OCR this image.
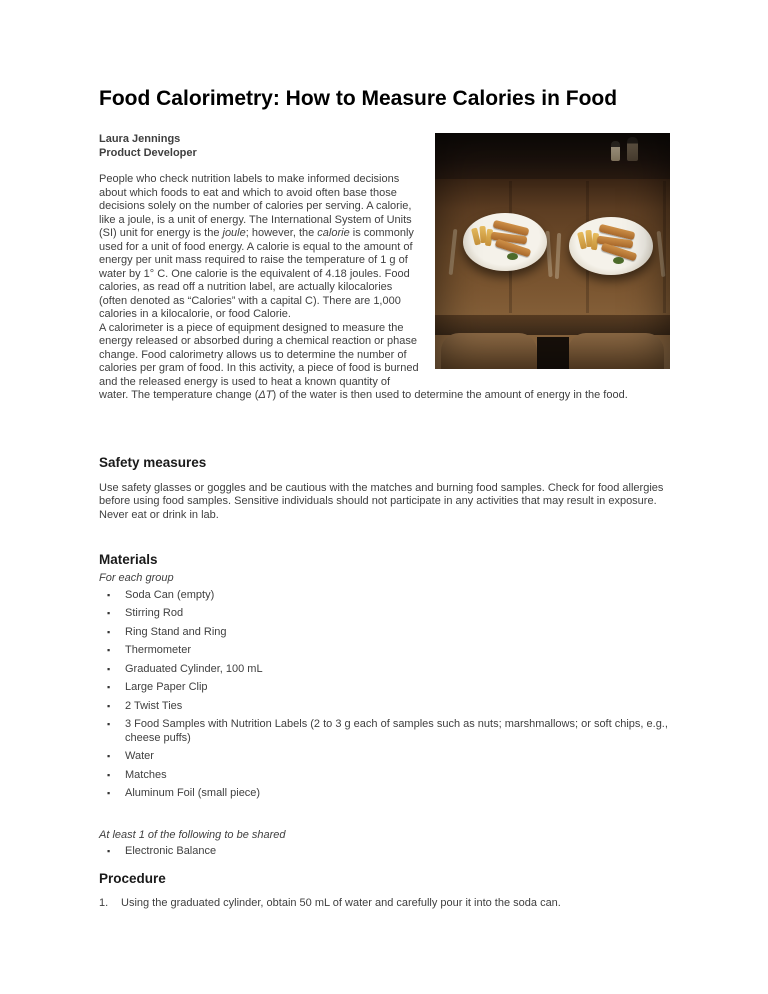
Food Calorimetry: How to Measure Calories in Food

Laura Jennings

Product Developer

People who check nutrition labels to make informed decisions about which foods to eat and which to avoid often base those decisions solely on the number of calories per serving. A calorie, like a joule, is a unit of energy. The International System of Units (SI) unit for energy is the joule; however, the calorie is commonly used for a unit of food energy. A calorie is equal to the amount of energy per unit mass required to raise the temperature of 1 g of water by 1° C. One calorie is the equivalent of 4.18 joules. Food calories, as read off a nutrition label, are actually kilocalories (often denoted as “Calories” with a capital C). There are 1,000 calories in a kilocalorie, or food Calorie.

A calorimeter is a piece of equipment designed to measure the energy released or absorbed during a chemical reaction or phase change. Food calorimetry allows us to determine the number of calories per gram of food. In this activity, a piece of food is burned and the released energy is used to heat a known quantity of water. The temperature change (ΔT) of the water is then used to determine the amount of energy in the food.

Safety measures

Use safety glasses or goggles and be cautious with the matches and burning food samples. Check for food allergies before using food samples. Sensitive individuals should not participate in any activities that may result in exposure. Never eat or drink in lab.

Materials

For each group

▪ Soda Can (empty)
▪ Stirring Rod
▪ Ring Stand and Ring
▪ Thermometer
▪ Graduated Cylinder, 100 mL
▪ Large Paper Clip
▪ 2 Twist Ties
▪ 3 Food Samples with Nutrition Labels (2 to 3 g each of samples such as nuts; marshmallows; or soft chips, e.g., cheese puffs)
▪ Water
▪ Matches
▪ Aluminum Foil (small piece)

At least 1 of the following to be shared

▪ Electronic Balance
Procedure
Using the graduated cylinder, obtain 50 mL of water and carefully pour it into the soda can.
